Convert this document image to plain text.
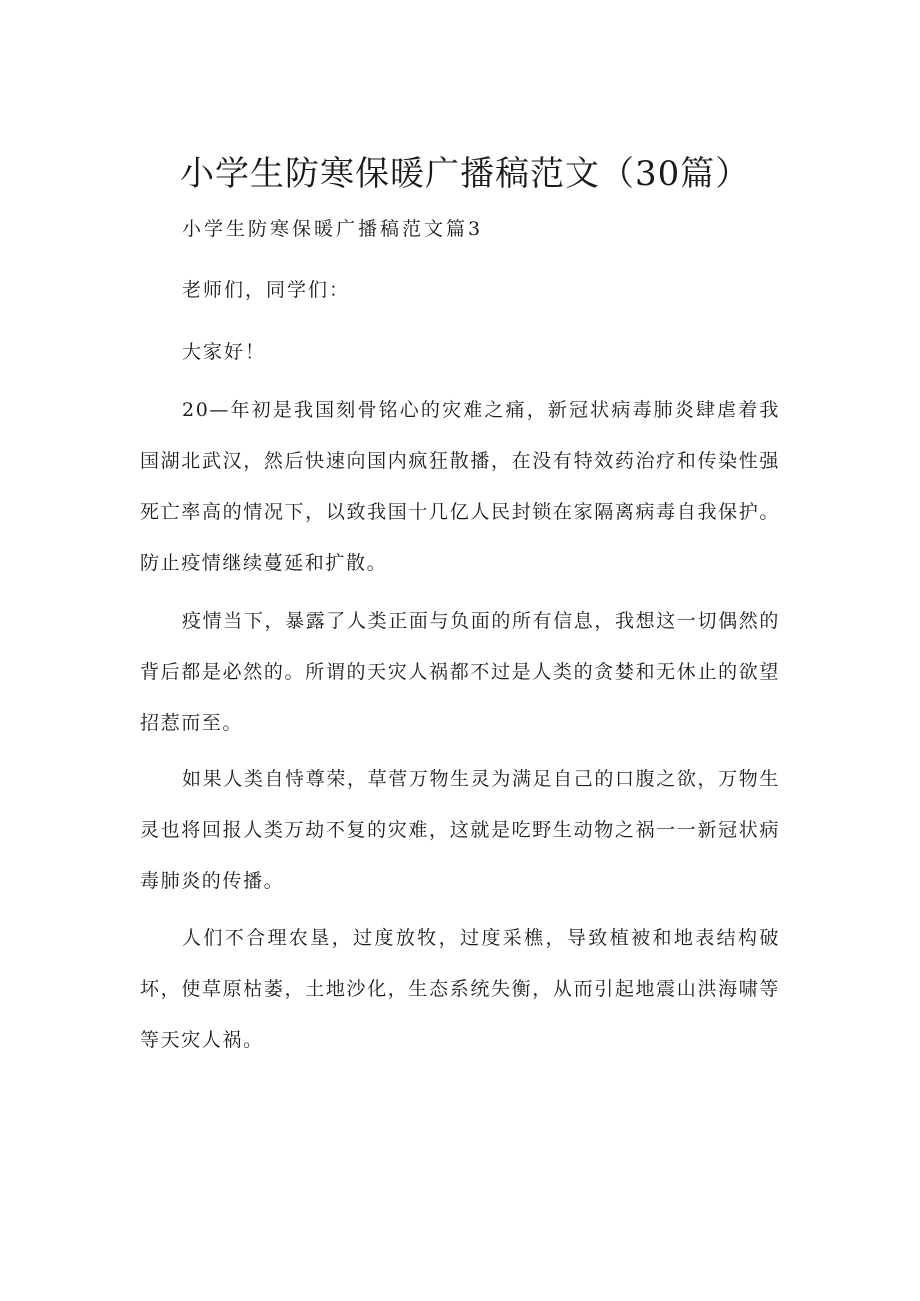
小学生防寒保暖广播稿范文（30篇）

小学生防寒保暖广播稿范文篇3

老师们，同学们：

大家好！

20—年初是我国刻骨铭心的灾难之痛，新冠状病毒肺炎肆虐着我国湖北武汉，然后快速向国内疯狂散播，在没有特效药治疗和传染性强死亡率高的情况下，以致我国十几亿人民封锁在家隔离病毒自我保护。防止疫情继续蔓延和扩散。

疫情当下，暴露了人类正面与负面的所有信息，我想这一切偶然的背后都是必然的。所谓的天灾人祸都不过是人类的贪婪和无休止的欲望招惹而至。

如果人类自恃尊荣，草菅万物生灵为满足自己的口腹之欲，万物生灵也将回报人类万劫不复的灾难，这就是吃野生动物之祸一一新冠状病毒肺炎的传播。

人们不合理农垦，过度放牧，过度采樵，导致植被和地表结构破坏，使草原枯萎，土地沙化，生态系统失衡，从而引起地震山洪海啸等等天灾人祸。
